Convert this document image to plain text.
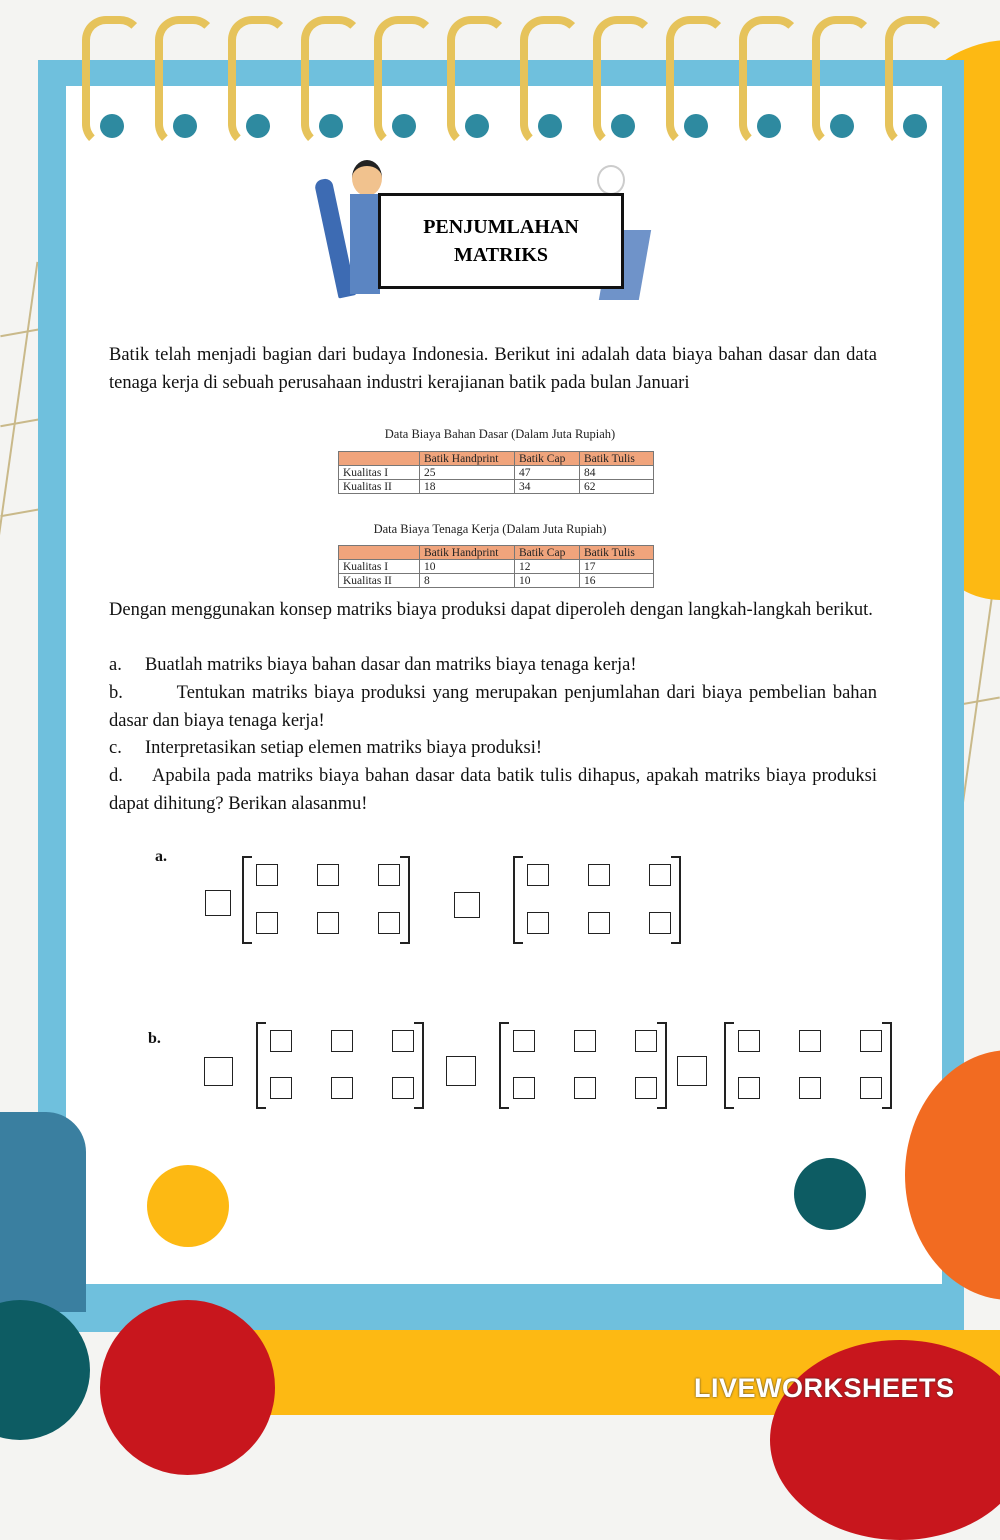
PENJUMLAHAN
MATRIKS
Batik telah menjadi bagian dari budaya Indonesia. Berikut ini adalah data biaya bahan dasar dan data tenaga kerja di sebuah perusahaan industri kerajianan batik pada bulan Januari
Data Biaya Bahan Dasar (Dalam Juta Rupiah)
	Batik Handprint	Batik Cap	Batik Tulis
Kualitas I	25	47	84
Kualitas II	18	34	62
Data Biaya Tenaga Kerja (Dalam Juta Rupiah)
	Batik Handprint	Batik Cap	Batik Tulis
Kualitas I	10	12	17
Kualitas II	8	10	16
Dengan menggunakan konsep matriks biaya produksi dapat diperoleh dengan langkah-langkah berikut.
a.     Buatlah matriks biaya bahan dasar dan matriks biaya tenaga kerja!
b.        Tentukan matriks biaya produksi yang merupakan penjumlahan dari biaya pembelian bahan dasar dan biaya tenaga kerja!
c.     Interpretasikan setiap elemen matriks biaya produksi!
d.     Apabila pada matriks biaya bahan dasar data batik tulis dihapus, apakah matriks biaya produksi dapat dihitung? Berikan alasanmu!
a.
b.
LIVEWORKSHEETS
